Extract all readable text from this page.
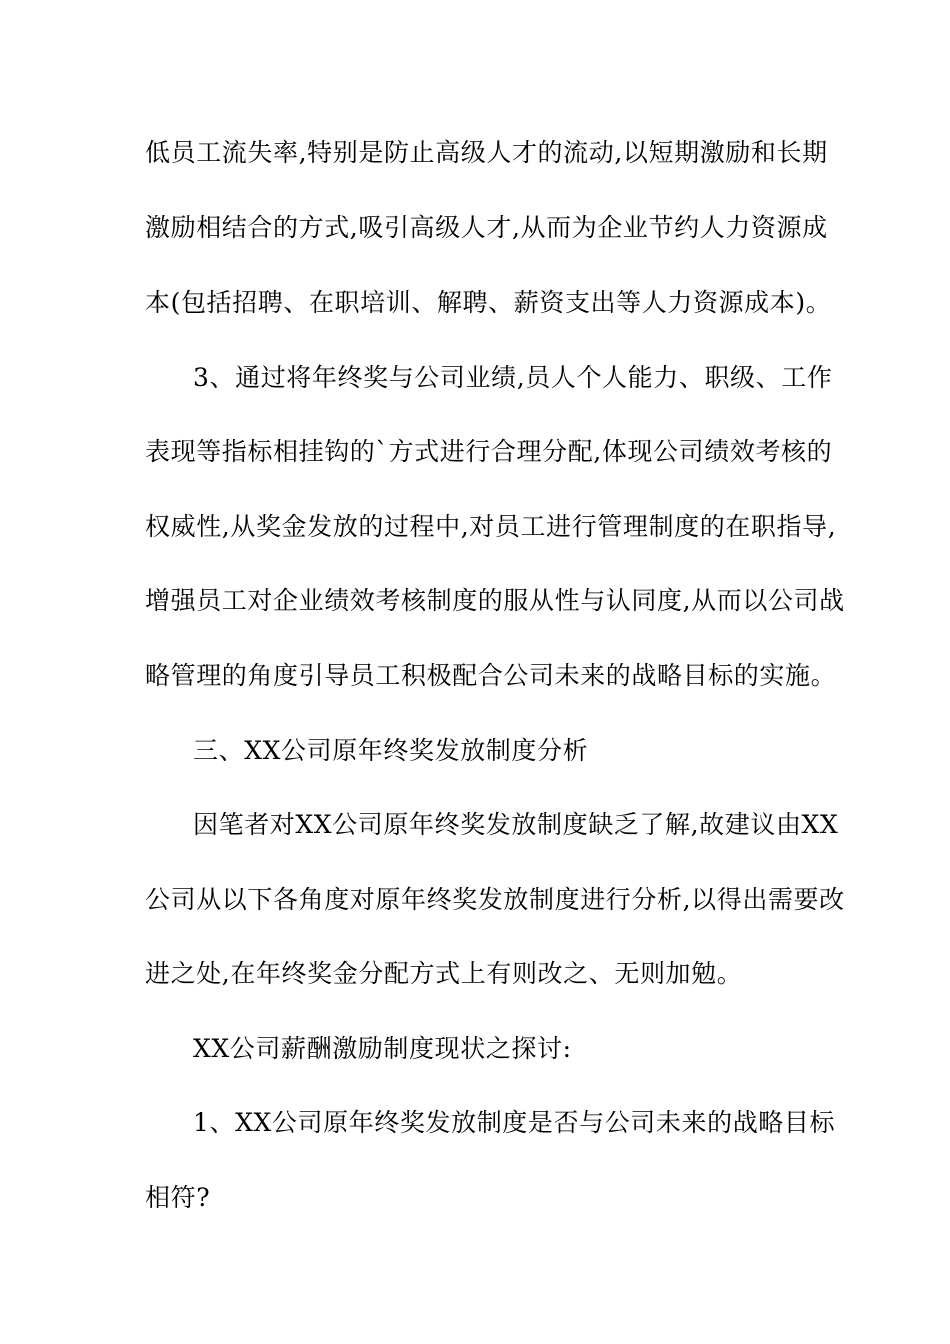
低员工流失率,特别是防止高级人才的流动,以短期激励和长期
激励相结合的方式,吸引高级人才,从而为企业节约人力资源成
本(包括招聘、在职培训、解聘、薪资支出等人力资源成本)。
3、通过将年终奖与公司业绩,员人个人能力、职级、工作
表现等指标相挂钩的`方式进行合理分配,体现公司绩效考核的
权威性,从奖金发放的过程中,对员工进行管理制度的在职指导,
增强员工对企业绩效考核制度的服从性与认同度,从而以公司战
略管理的角度引导员工积极配合公司未来的战略目标的实施。
三、XX公司原年终奖发放制度分析
因笔者对XX公司原年终奖发放制度缺乏了解,故建议由XX
公司从以下各角度对原年终奖发放制度进行分析,以得出需要改
进之处,在年终奖金分配方式上有则改之、无则加勉。
XX公司薪酬激励制度现状之探讨:
1、XX公司原年终奖发放制度是否与公司未来的战略目标
相符?
